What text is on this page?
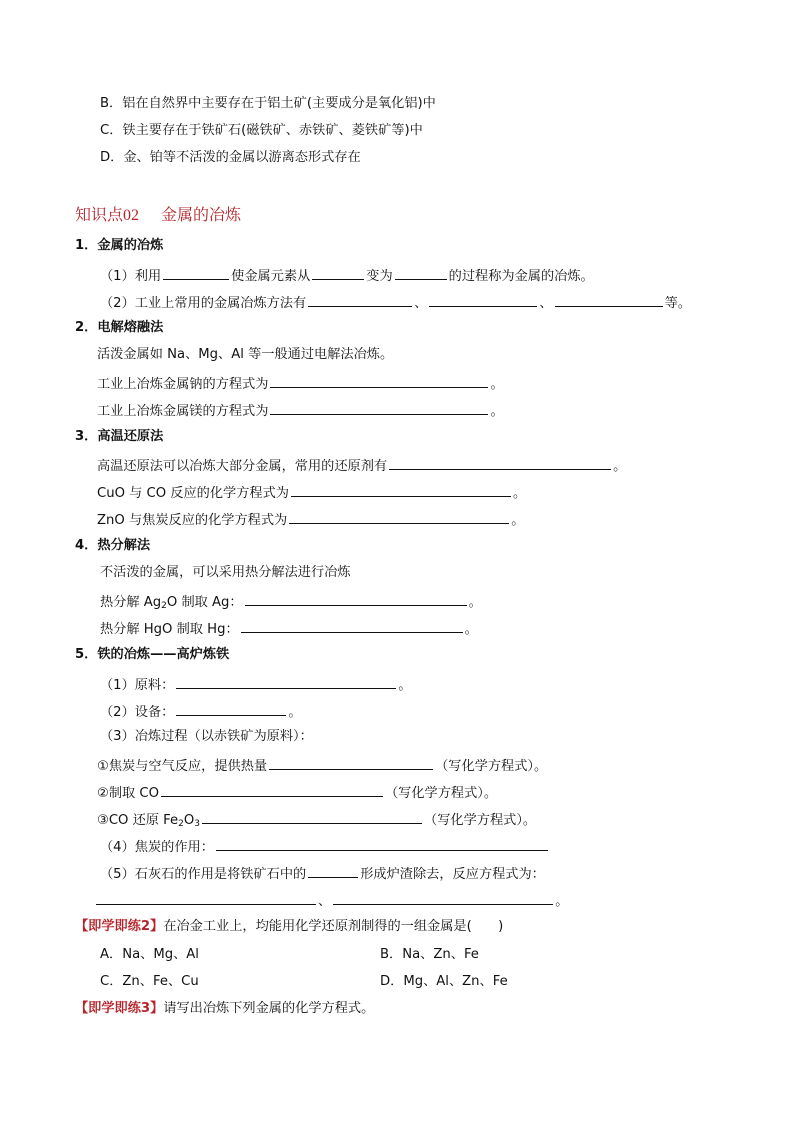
B．铝在自然界中主要存在于铝土矿(主要成分是氧化铝)中
C．铁主要存在于铁矿石(磁铁矿、赤铁矿、菱铁矿等)中
D．金、铂等不活泼的金属以游离态形式存在
知识点02 金属的冶炼
1．金属的冶炼
（1）利用	使金属元素从	变为	的过程称为金属的冶炼。
（2）工业上常用的金属冶炼方法有	、	、	等。
2．电解熔融法
活泼金属如 Na、Mg、Al 等一般通过电解法冶炼。
工业上冶炼金属钠的方程式为	。
工业上冶炼金属镁的方程式为	。
3．高温还原法
高温还原法可以冶炼大部分金属，常用的还原剂有	。
CuO 与 CO 反应的化学方程式为	。
ZnO 与焦炭反应的化学方程式为	。
4．热分解法
不活泼的金属，可以采用热分解法进行冶炼
热分解 $Ag_2O$ 制取 Ag：	。
热分解 HgO 制取 Hg：	。
5．铁的冶炼——高炉炼铁
（1）原料：	。
（2）设备：	。
（3）冶炼过程（以赤铁矿为原料）：
①焦炭与空气反应，提供热量	（写化学方程式）。
②制取 CO	（写化学方程式）。
③CO 还原 $Fe_2O_3$	（写化学方程式）。
（4）焦炭的作用：
（5）石灰石的作用是将铁矿石中的	形成炉渣除去，反应方程式为：
、	。
【即学即练2】在冶金工业上，均能用化学还原剂制得的一组金属是(　　)
A．Na、Mg、Al	B．Na、Zn、Fe
C．Zn、Fe、Cu	D．Mg、Al、Zn、Fe
【即学即练3】请写出冶炼下列金属的化学方程式。
